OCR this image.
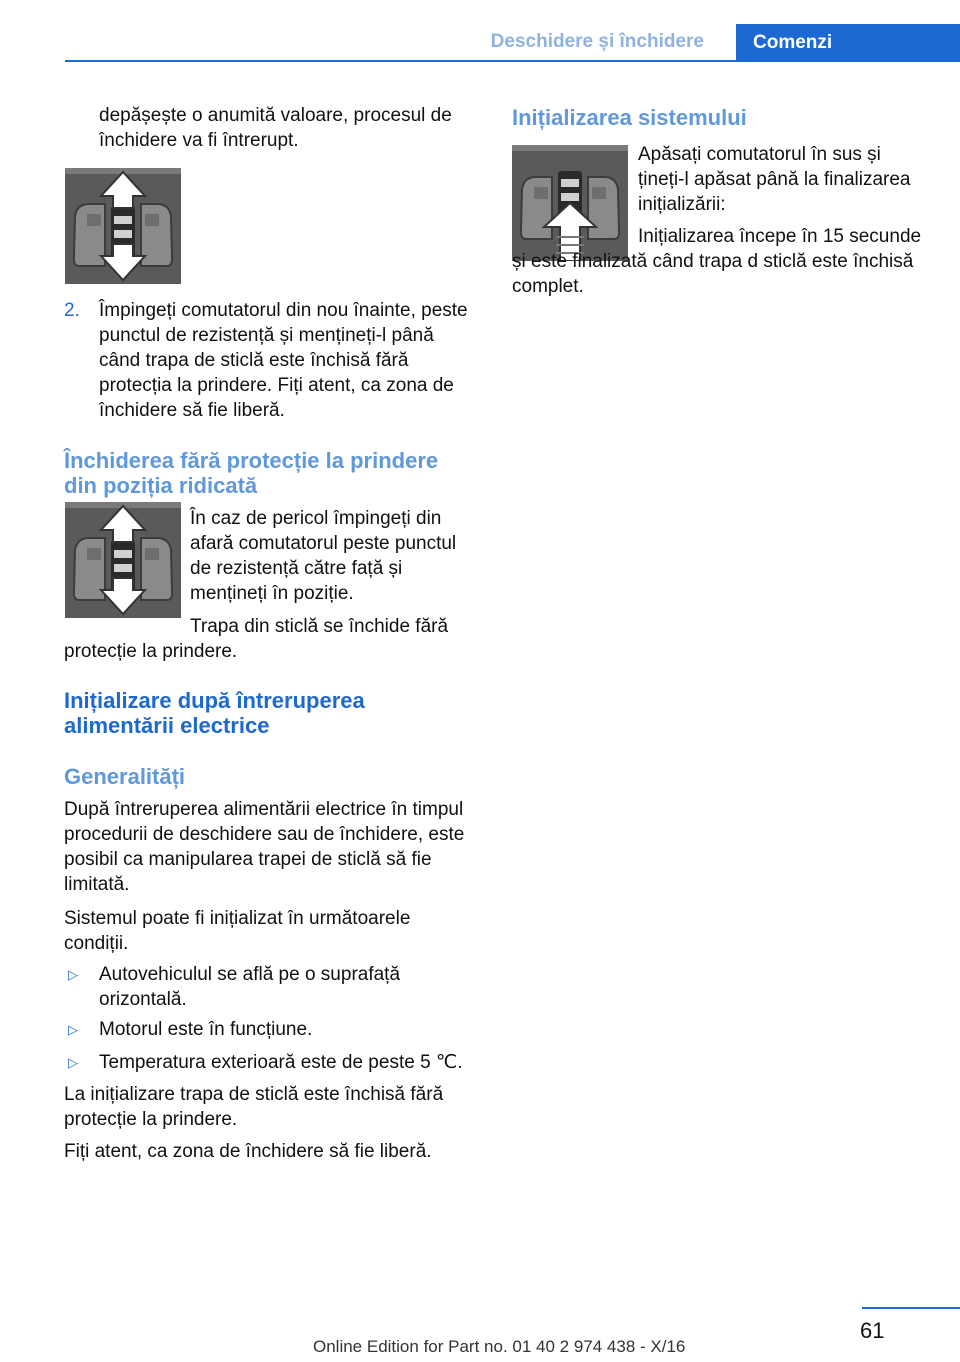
Deschidere și închidere	Comenzi
depășește o anumită valoare, procesul de închidere va fi întrerupt.
2. Împingeți comutatorul din nou înainte, peste punctul de rezistență și mențineți-l până când trapa de sticlă este închisă fără protecția la prindere. Fiți atent, ca zona de închidere să fie liberă.
Închiderea fără protecție la prindere din poziția ridicată
În caz de pericol împingeți din afară comutatorul peste punctul de rezistență către față și mențineți în poziție.
Trapa din sticlă se închide fără protecție la prindere.
Inițializare după întreruperea alimentării electrice
Generalități
După întreruperea alimentării electrice în timpul procedurii de deschidere sau de închidere, este posibil ca manipularea trapei de sticlă să fie limitată.
Sistemul poate fi inițializat în următoarele condiții.
▷ Autovehiculul se află pe o suprafață orizontală.
▷ Motorul este în funcțiune.
▷ Temperatura exterioară este de peste 5 ℃.
La inițializare trapa de sticlă este închisă fără protecție la prindere.
Fiți atent, ca zona de închidere să fie liberă.
Inițializarea sistemului
Apăsați comutatorul în sus și țineți-l apăsat până la finalizarea inițializării:
Inițializarea începe în 15 secunde și este finalizată când trapa d sticlă este închisă complet.
61
Online Edition for Part no. 01 40 2 974 438 - X/16
